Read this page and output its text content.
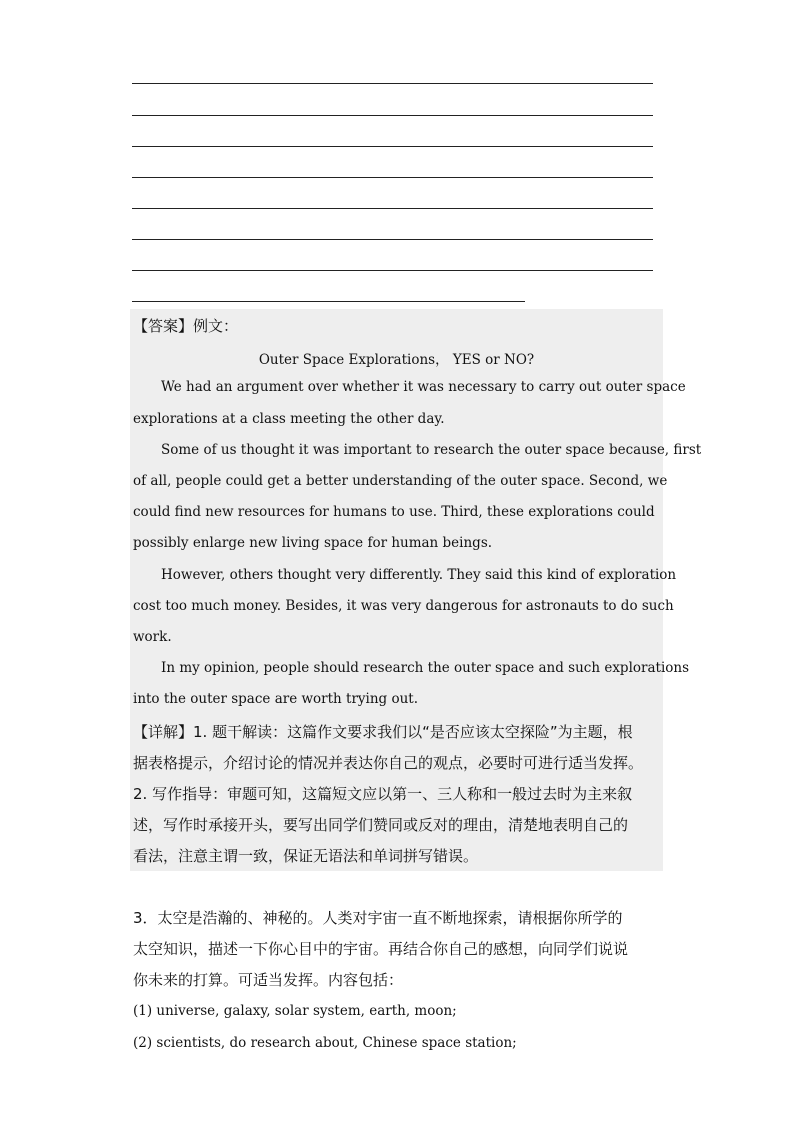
【答案】例文：
Outer Space Explorations， YES or NO?
We had an argument over whether it was necessary to carry out outer space
explorations at a class meeting the other day.
Some of us thought it was important to research the outer space because, first
of all, people could get a better understanding of the outer space. Second, we
could find new resources for humans to use. Third, these explorations could
possibly enlarge new living space for human beings.
However, others thought very differently. They said this kind of exploration
cost too much money. Besides, it was very dangerous for astronauts to do such
work.
In my opinion, people should research the outer space and such explorations
into the outer space are worth trying out.
【详解】1. 题干解读：这篇作文要求我们以“是否应该太空探险”为主题，根
据表格提示，介绍讨论的情况并表达你自己的观点，必要时可进行适当发挥。
2. 写作指导：审题可知，这篇短文应以第一、三人称和一般过去时为主来叙
述，写作时承接开头，要写出同学们赞同或反对的理由，清楚地表明自己的
看法，注意主谓一致，保证无语法和单词拼写错误。
3．太空是浩瀚的、神秘的。人类对宇宙一直不断地探索，请根据你所学的
太空知识，描述一下你心目中的宇宙。再结合你自己的感想，向同学们说说
你未来的打算。可适当发挥。内容包括：
(1) universe, galaxy, solar system, earth, moon;
(2) scientists, do research about, Chinese space station;
